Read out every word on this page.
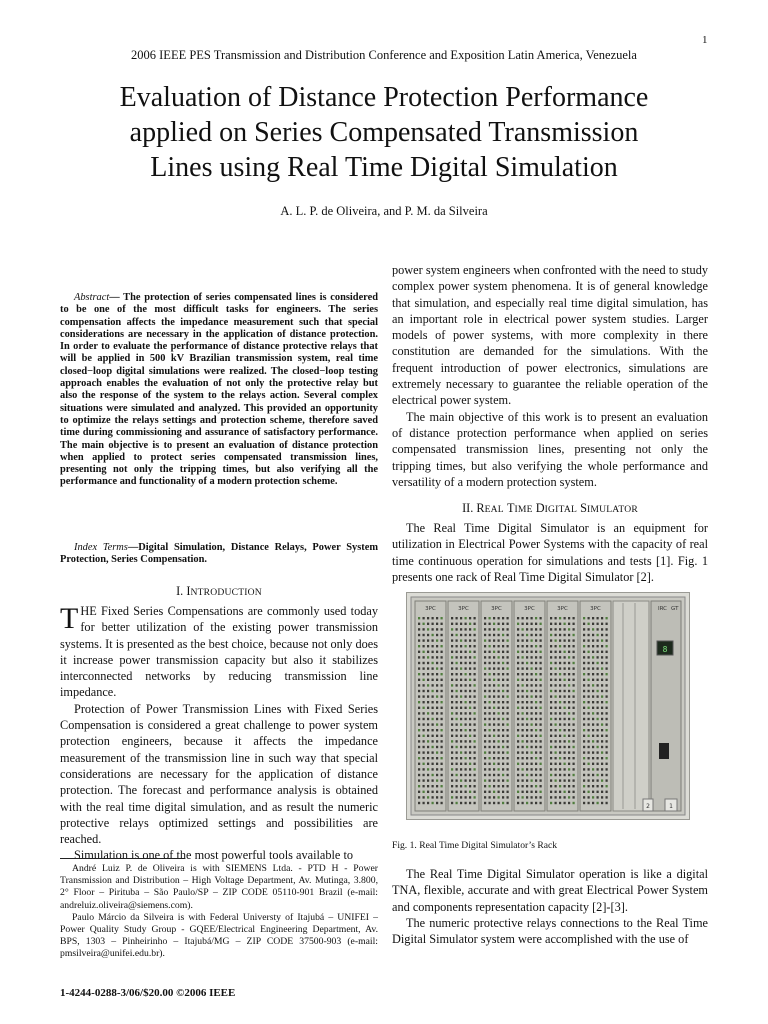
1
2006 IEEE PES Transmission and Distribution Conference and Exposition Latin America, Venezuela
Evaluation of Distance Protection Performance
applied on Series Compensated Transmission
Lines using Real Time Digital Simulation
A. L. P. de Oliveira, and P. M. da Silveira
Abstract— The protection of series compensated lines is considered to be one of the most difficult tasks for engineers. The series compensation affects the impedance measurement such that special considerations are necessary in the application of distance protection. In order to evaluate the performance of distance protective relays that will be applied in 500 kV Brazilian transmission system, real time closed−loop digital simulations were realized. The closed−loop testing approach enables the evaluation of not only the protective relay but also the response of the system to the relays action. Several complex situations were simulated and analyzed. This provided an opportunity to optimize the relays settings and protection scheme, therefore saved time during commissioning and assurance of satisfactory performance. The main objective is to present an evaluation of distance protection when applied to protect series compensated transmission lines, presenting not only the tripping times, but also verifying all the performance and functionality of a modern protection scheme.
Index Terms—Digital Simulation, Distance Relays, Power System Protection, Series Compensation.
I. INTRODUCTION

THE Fixed Series Compensations are commonly used today for better utilization of the existing power transmission systems. It is presented as the best choice, because not only does it increase power transmission capacity but also it stabilizes interconnected networks by reducing transmission line impedance.

Protection of Power Transmission Lines with Fixed Series Compensation is considered a great challenge to power system protection engineers, because it affects the impedance measurement of the transmission line in such way that special considerations are necessary for the application of distance protection. The forecast and performance analysis is obtained with the real time digital simulation, and as result the numeric protective relays optimized settings and possibilities are reached.

Simulation is one of the most powerful tools available to

André Luiz P. de Oliveira is with SIEMENS Ltda. - PTD H - Power Transmission and Distribution – High Voltage Department, Av. Mutinga, 3.800, 2° Floor – Pirituba – São Paulo/SP – ZIP CODE 05110-901 Brazil (e-mail: andreluiz.oliveira@siemens.com).

Paulo Márcio da Silveira is with Federal Universty of Itajubá – UNIFEI – Power Quality Study Group - GQEE/Electrical Engineering Department, Av. BPS, 1303 – Pinheirinho – Itajubá/MG – ZIP CODE 37500-903 (e-mail: pmsilveira@unifei.edu.br).

1-4244-0288-3/06/$20.00 ©2006 IEEE

power system engineers when confronted with the need to study complex power system phenomena. It is of general knowledge that simulation, and especially real time digital simulation, has an important role in electrical power system studies. Larger models of power systems, with more complexity in there constitution are demanded for the simulations. With the frequent introduction of power electronics, simulations are extremely necessary to guarantee the reliable operation of the electrical power system.

The main objective of this work is to present an evaluation of distance protection performance when applied on series compensated transmission lines, presenting not only the tripping times, but also verifying the whole performance and versatility of a modern protection system.

II. REAL TIME DIGITAL SIMULATOR

The Real Time Digital Simulator is an equipment for utilization in Electrical Power Systems with the capacity of real time continuous operation for simulations and tests [1]. Fig. 1 presents one rack of Real Time Digital Simulator [2].

3PC	3PC	3PC	3PC	3PC	3PC
8
IRC GT
2	1
Fig. 1. Real Time Digital Simulator’s Rack

The Real Time Digital Simulator operation is like a digital TNA, flexible, accurate and with great Electrical Power System and components representation capacity [2]-[3].

The numeric protective relays connections to the Real Time Digital Simulator system were accomplished with the use of
